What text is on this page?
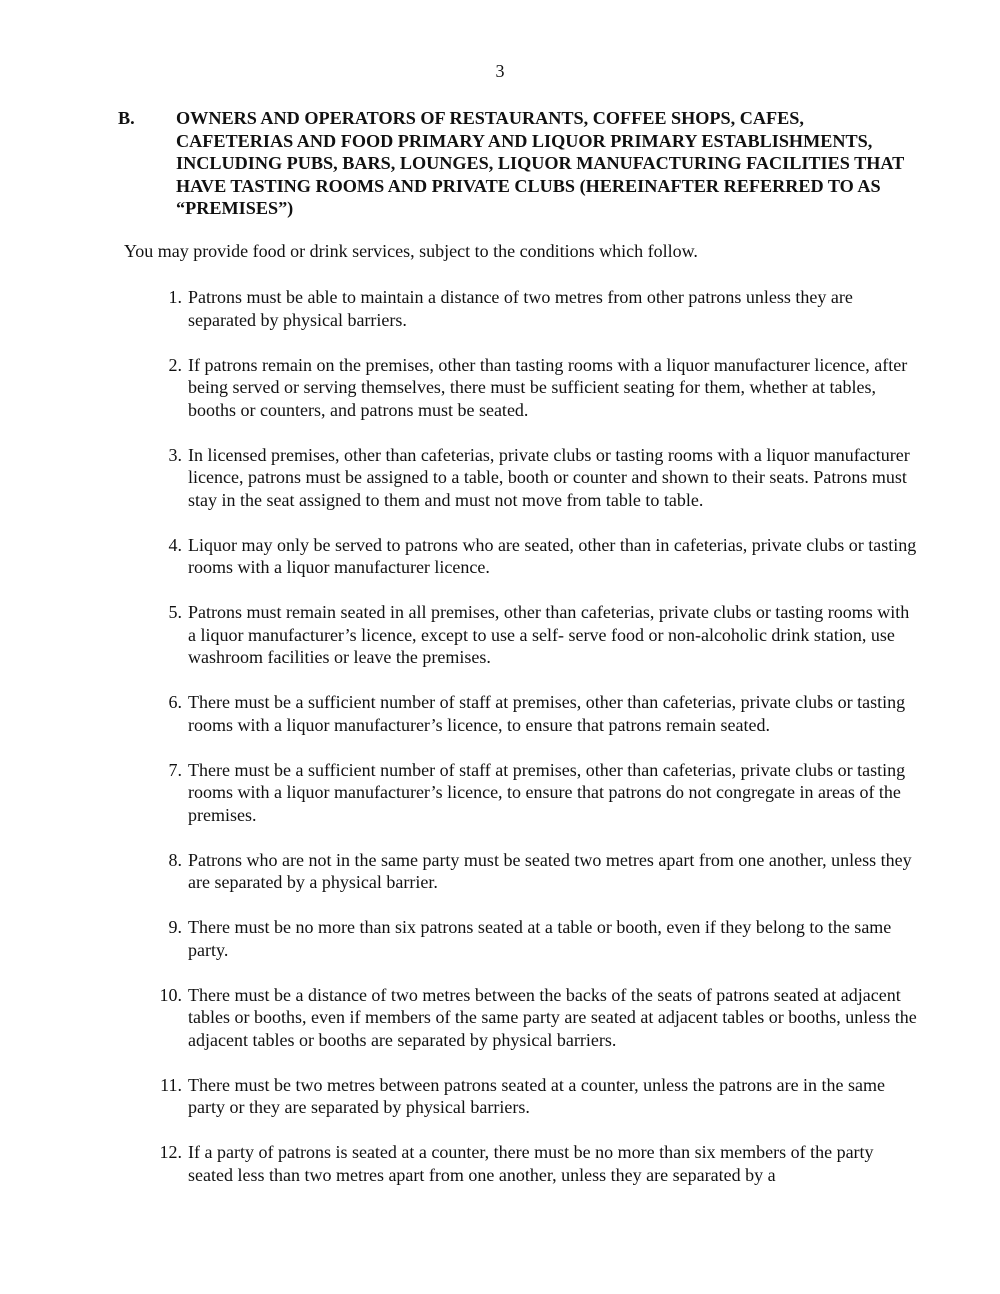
3
B. OWNERS AND OPERATORS OF RESTAURANTS, COFFEE SHOPS, CAFES, CAFETERIAS AND FOOD PRIMARY AND LIQUOR PRIMARY ESTABLISHMENTS, INCLUDING PUBS, BARS, LOUNGES, LIQUOR MANUFACTURING FACILITIES THAT HAVE TASTING ROOMS AND PRIVATE CLUBS (HEREINAFTER REFERRED TO AS “PREMISES”)
You may provide food or drink services, subject to the conditions which follow.
1. Patrons must be able to maintain a distance of two metres from other patrons unless they are separated by physical barriers.
2. If patrons remain on the premises, other than tasting rooms with a liquor manufacturer licence, after being served or serving themselves, there must be sufficient seating for them, whether at tables, booths or counters, and patrons must be seated.
3. In licensed premises, other than cafeterias, private clubs or tasting rooms with a liquor manufacturer licence, patrons must be assigned to a table, booth or counter and shown to their seats. Patrons must stay in the seat assigned to them and must not move from table to table.
4. Liquor may only be served to patrons who are seated, other than in cafeterias, private clubs or tasting rooms with a liquor manufacturer licence.
5. Patrons must remain seated in all premises, other than cafeterias, private clubs or tasting rooms with a liquor manufacturer’s licence, except to use a self- serve food or non-alcoholic drink station, use washroom facilities or leave the premises.
6. There must be a sufficient number of staff at premises, other than cafeterias, private clubs or tasting rooms with a liquor manufacturer’s licence, to ensure that patrons remain seated.
7. There must be a sufficient number of staff at premises, other than cafeterias, private clubs or tasting rooms with a liquor manufacturer’s licence, to ensure that patrons do not congregate in areas of the premises.
8. Patrons who are not in the same party must be seated two metres apart from one another, unless they are separated by a physical barrier.
9. There must be no more than six patrons seated at a table or booth, even if they belong to the same party.
10. There must be a distance of two metres between the backs of the seats of patrons seated at adjacent tables or booths, even if members of the same party are seated at adjacent tables or booths, unless the adjacent tables or booths are separated by physical barriers.
11. There must be two metres between patrons seated at a counter, unless the patrons are in the same party or they are separated by physical barriers.
12. If a party of patrons is seated at a counter, there must be no more than six members of the party seated less than two metres apart from one another, unless they are separated by a
